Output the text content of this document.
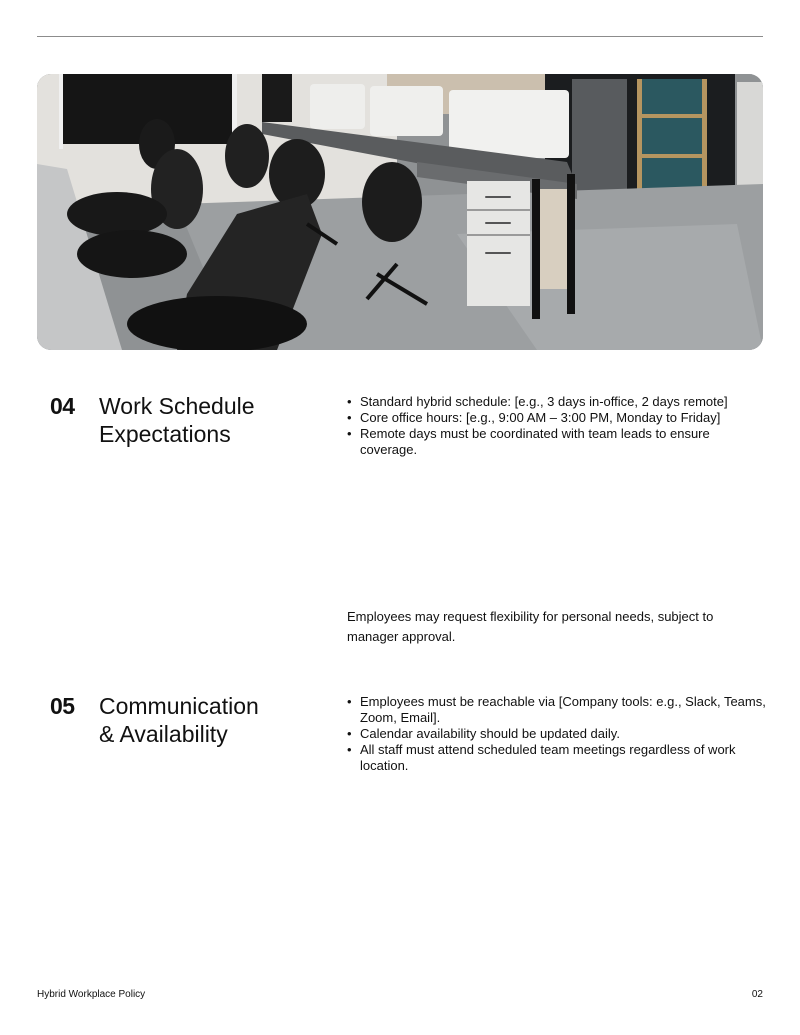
04 Work Schedule
Expectations
• Standard hybrid schedule: [e.g., 3 days in-office, 2 days remote]
• Core office hours: [e.g., 9:00 AM – 3:00 PM, Monday to Friday]
• Remote days must be coordinated with team leads to ensure coverage.
Employees may request flexibility for personal needs, subject to manager approval.
05 Communication
& Availability
• Employees must be reachable via [Company tools: e.g., Slack, Teams, Zoom, Email].
• Calendar availability should be updated daily.
• All staff must attend scheduled team meetings regardless of work location.
Hybrid Workplace Policy	02
